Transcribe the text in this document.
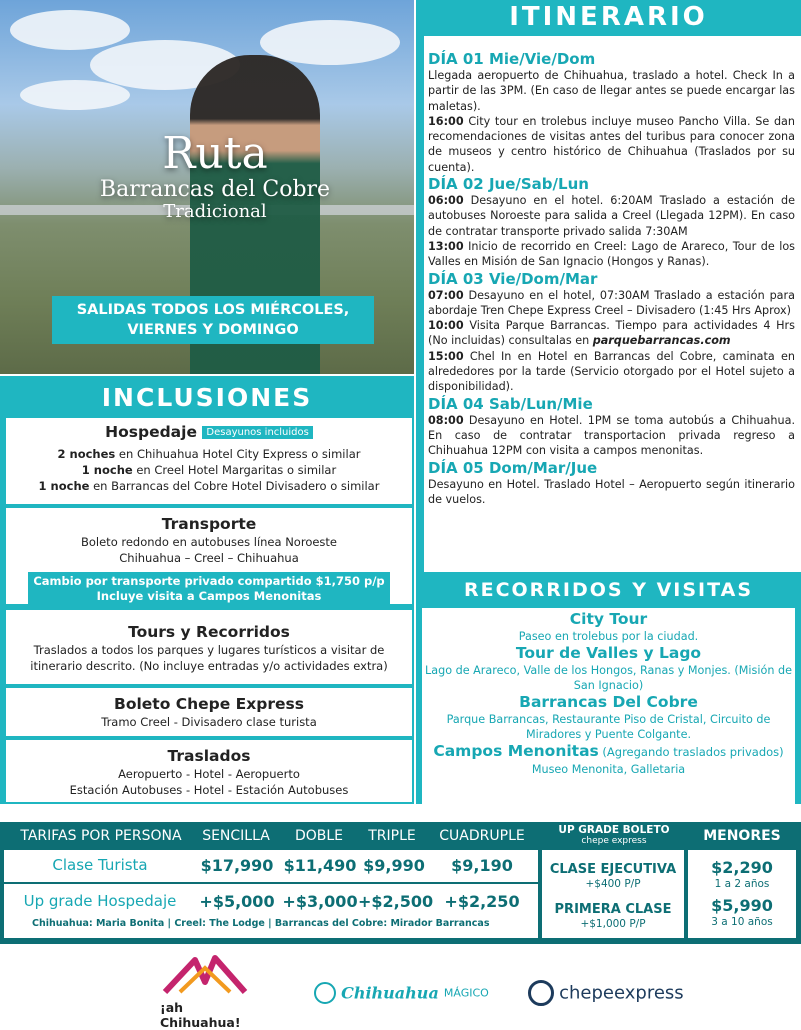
Ruta
Barrancas del Cobre
Tradicional
SALIDAS TODOS LOS MIÉRCOLES, VIERNES Y DOMINGO
ITINERARIO
DÍA 01 Mie/Vie/Dom
Llegada aeropuerto de Chihuahua, traslado a hotel. Check In a partir de las 3PM. (En caso de llegar antes se puede encargar las maletas).
16:00 City tour en trolebus incluye museo Pancho Villa. Se dan recomendaciones de visitas antes del turibus para conocer zona de museos y centro histórico de Chihuahua (Traslados por su cuenta).
DÍA 02 Jue/Sab/Lun
06:00 Desayuno en el hotel. 6:20AM Traslado a estación de autobuses Noroeste para salida a Creel (Llegada 12PM). En caso de contratar transporte privado salida 7:30AM
13:00 Inicio de recorrido en Creel: Lago de Arareco, Tour de los Valles en Misión de San Ignacio (Hongos y Ranas).
DÍA 03 Vie/Dom/Mar
07:00 Desayuno en el hotel, 07:30AM Traslado a estación para abordaje Tren Chepe Express Creel – Divisadero (1:45 Hrs Aprox)
10:00 Visita Parque Barrancas. Tiempo para actividades 4 Hrs (No incluidas) consultalas en parquebarrancas.com
15:00 Chel In en Hotel en Barrancas del Cobre, caminata en alrededores por la tarde (Servicio otorgado por el Hotel sujeto a disponibilidad).
DÍA 04 Sab/Lun/Mie
08:00 Desayuno en Hotel. 1PM se toma autobús a Chihuahua. En caso de contratar transportacion privada regreso a Chihuahua 12PM con visita a campos menonitas.
DÍA 05 Dom/Mar/Jue
Desayuno en Hotel. Traslado Hotel – Aeropuerto según itinerario de vuelos.
RECORRIDOS Y VISITAS
City Tour
Paseo en trolebus por la ciudad.
Tour de Valles y Lago
Lago de Arareco, Valle de los Hongos, Ranas y Monjes. (Misión de San Ignacio)
Barrancas Del Cobre
Parque Barrancas, Restaurante Piso de Cristal, Circuito de Miradores y Puente Colgante.
Campos Menonitas (Agregando traslados privados)
Museo Menonita, Galletaria
INCLUSIONES
Hospedaje Desayunos incluidos
2 noches en Chihuahua Hotel City Express o similar
1 noche en Creel Hotel Margaritas o similar
1 noche en Barrancas del Cobre Hotel Divisadero o similar
Transporte
Boleto redondo en autobuses línea Noroeste
Chihuahua – Creel – Chihuahua
Cambio por transporte privado compartido $1,750 p/p
Incluye visita a Campos Menonitas
Tours y Recorridos
Traslados a todos los parques y lugares turísticos a visitar de itinerario descrito. (No incluye entradas y/o actividades extra)
Boleto Chepe Express
Tramo Creel - Divisadero clase turista
Traslados
Aeropuerto - Hotel - Aeropuerto
Estación Autobuses - Hotel - Estación Autobuses
TARIFAS POR PERSONA	SENCILLA	DOBLE	TRIPLE	CUADRUPLE
Clase Turista	$17,990 $11,490 $9,990	$9,190
Up grade Hospedaje	+$5,000 +$3,000 +$2,500 +$2,250
Chihuahua: Maria Bonita | Creel: The Lodge | Barrancas del Cobre: Mirador Barrancas
UP GRADE BOLETO
chepe express
CLASE EJECUTIVA
+$400 P/P
PRIMERA CLASE
+$1,000 P/P
MENORES
$2,290
1 a 2 años
$5,990
3 a 10 años
¡ah Chihuahua!
Chihuahua MÁGICO	chepeexpress
